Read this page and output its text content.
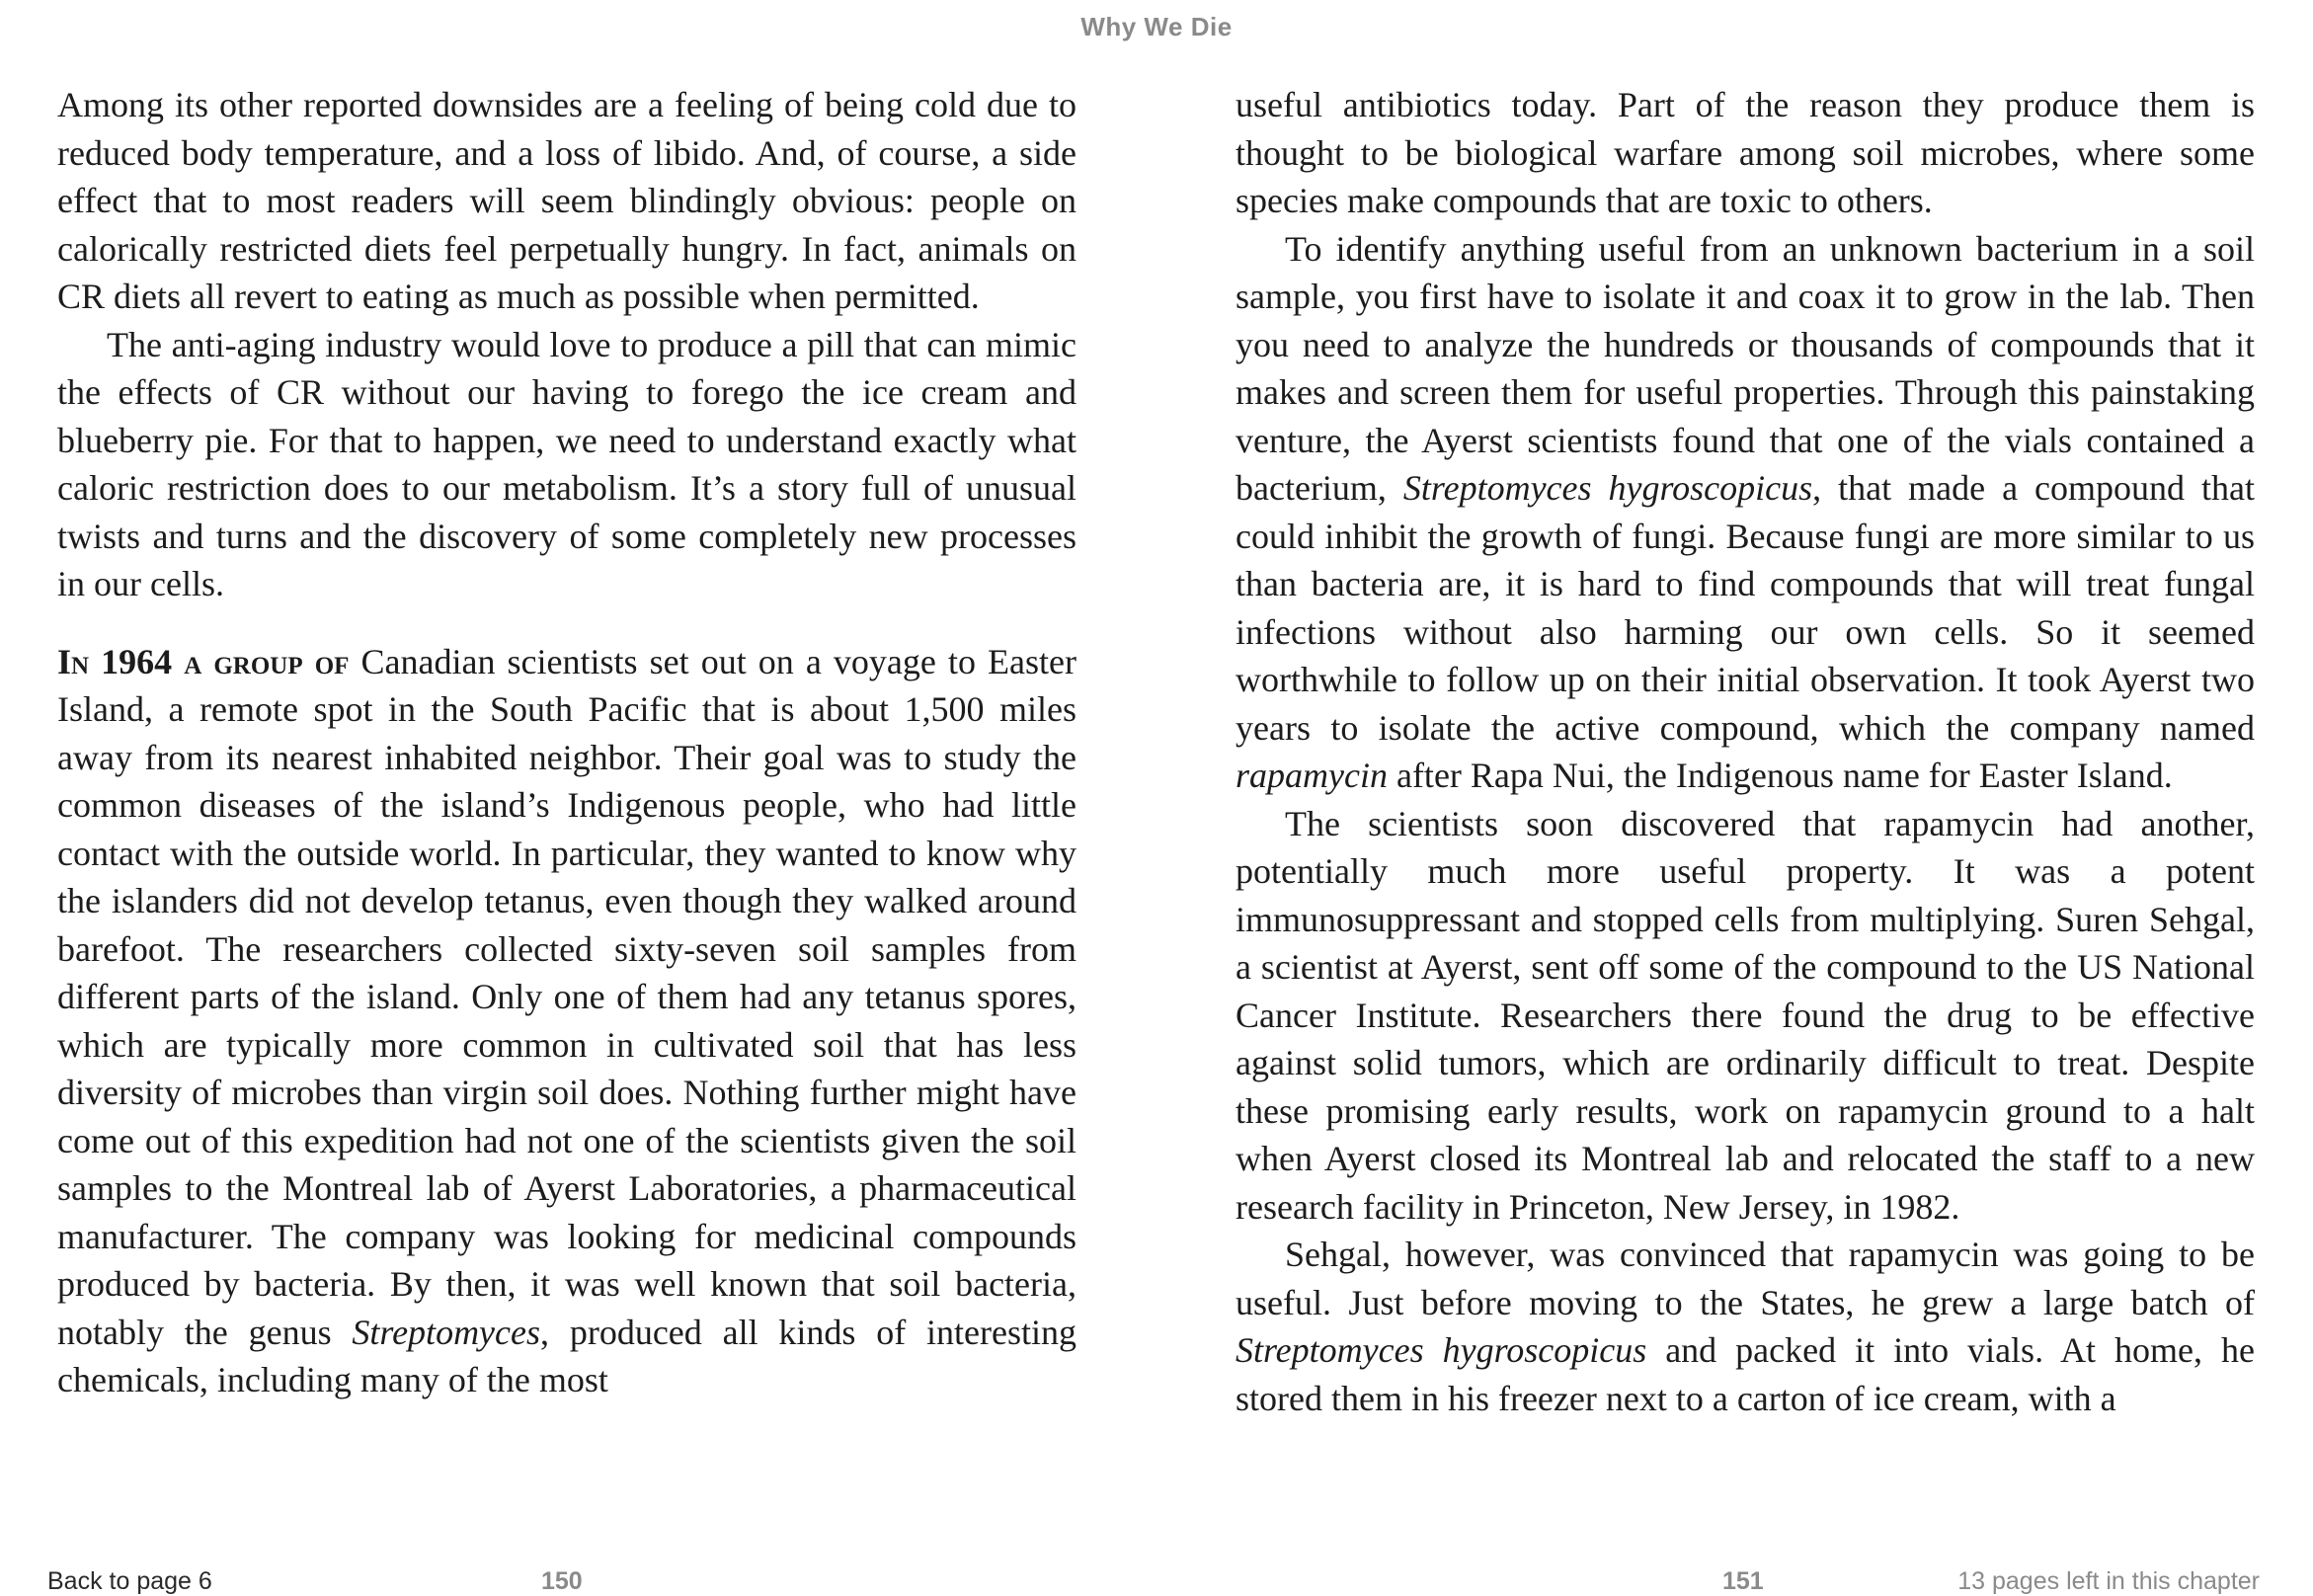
Why We Die

Among its other reported downsides are a feeling of being cold due to reduced body temperature, and a loss of libido. And, of course, a side effect that to most readers will seem blindingly obvious: people on calorically restricted diets feel perpetually hungry. In fact, animals on CR diets all revert to eating as much as possible when permitted.

The anti-aging industry would love to produce a pill that can mimic the effects of CR without our having to forego the ice cream and blueberry pie. For that to happen, we need to understand exactly what caloric restriction does to our metabolism. It’s a story full of unusual twists and turns and the discovery of some completely new processes in our cells.

In 1964 a group of Canadian scientists set out on a voyage to Easter Island, a remote spot in the South Pacific that is about 1,500 miles away from its nearest inhabited neighbor. Their goal was to study the common diseases of the island’s Indigenous people, who had little contact with the outside world. In particular, they wanted to know why the islanders did not develop tetanus, even though they walked around barefoot. The researchers collected sixty-seven soil samples from different parts of the island. Only one of them had any tetanus spores, which are typically more common in cultivated soil that has less diversity of microbes than virgin soil does. Nothing further might have come out of this expedition had not one of the scientists given the soil samples to the Montreal lab of Ayerst Laboratories, a pharmaceutical manufacturer. The company was looking for medicinal compounds produced by bacteria. By then, it was well known that soil bacteria, notably the genus Streptomyces, produced all kinds of interesting chemicals, including many of the most

useful antibiotics today. Part of the reason they produce them is thought to be biological warfare among soil microbes, where some species make compounds that are toxic to others.

To identify anything useful from an unknown bacterium in a soil sample, you first have to isolate it and coax it to grow in the lab. Then you need to analyze the hundreds or thousands of compounds that it makes and screen them for useful properties. Through this painstaking venture, the Ayerst scientists found that one of the vials contained a bacterium, Streptomyces hygroscopicus, that made a compound that could inhibit the growth of fungi. Because fungi are more similar to us than bacteria are, it is hard to find compounds that will treat fungal infections without also harming our own cells. So it seemed worthwhile to follow up on their initial observation. It took Ayerst two years to isolate the active compound, which the company named rapamycin after Rapa Nui, the Indigenous name for Easter Island.

The scientists soon discovered that rapamycin had another, potentially much more useful property. It was a potent immunosuppressant and stopped cells from multiplying. Suren Sehgal, a scientist at Ayerst, sent off some of the compound to the US National Cancer Institute. Researchers there found the drug to be effective against solid tumors, which are ordinarily difficult to treat. Despite these promising early results, work on rapamycin ground to a halt when Ayerst closed its Montreal lab and relocated the staff to a new research facility in Princeton, New Jersey, in 1982.

Sehgal, however, was convinced that rapamycin was going to be useful. Just before moving to the States, he grew a large batch of Streptomyces hygroscopicus and packed it into vials. At home, he stored them in his freezer next to a carton of ice cream, with a

Back to page 6	150	151	13 pages left in this chapter
